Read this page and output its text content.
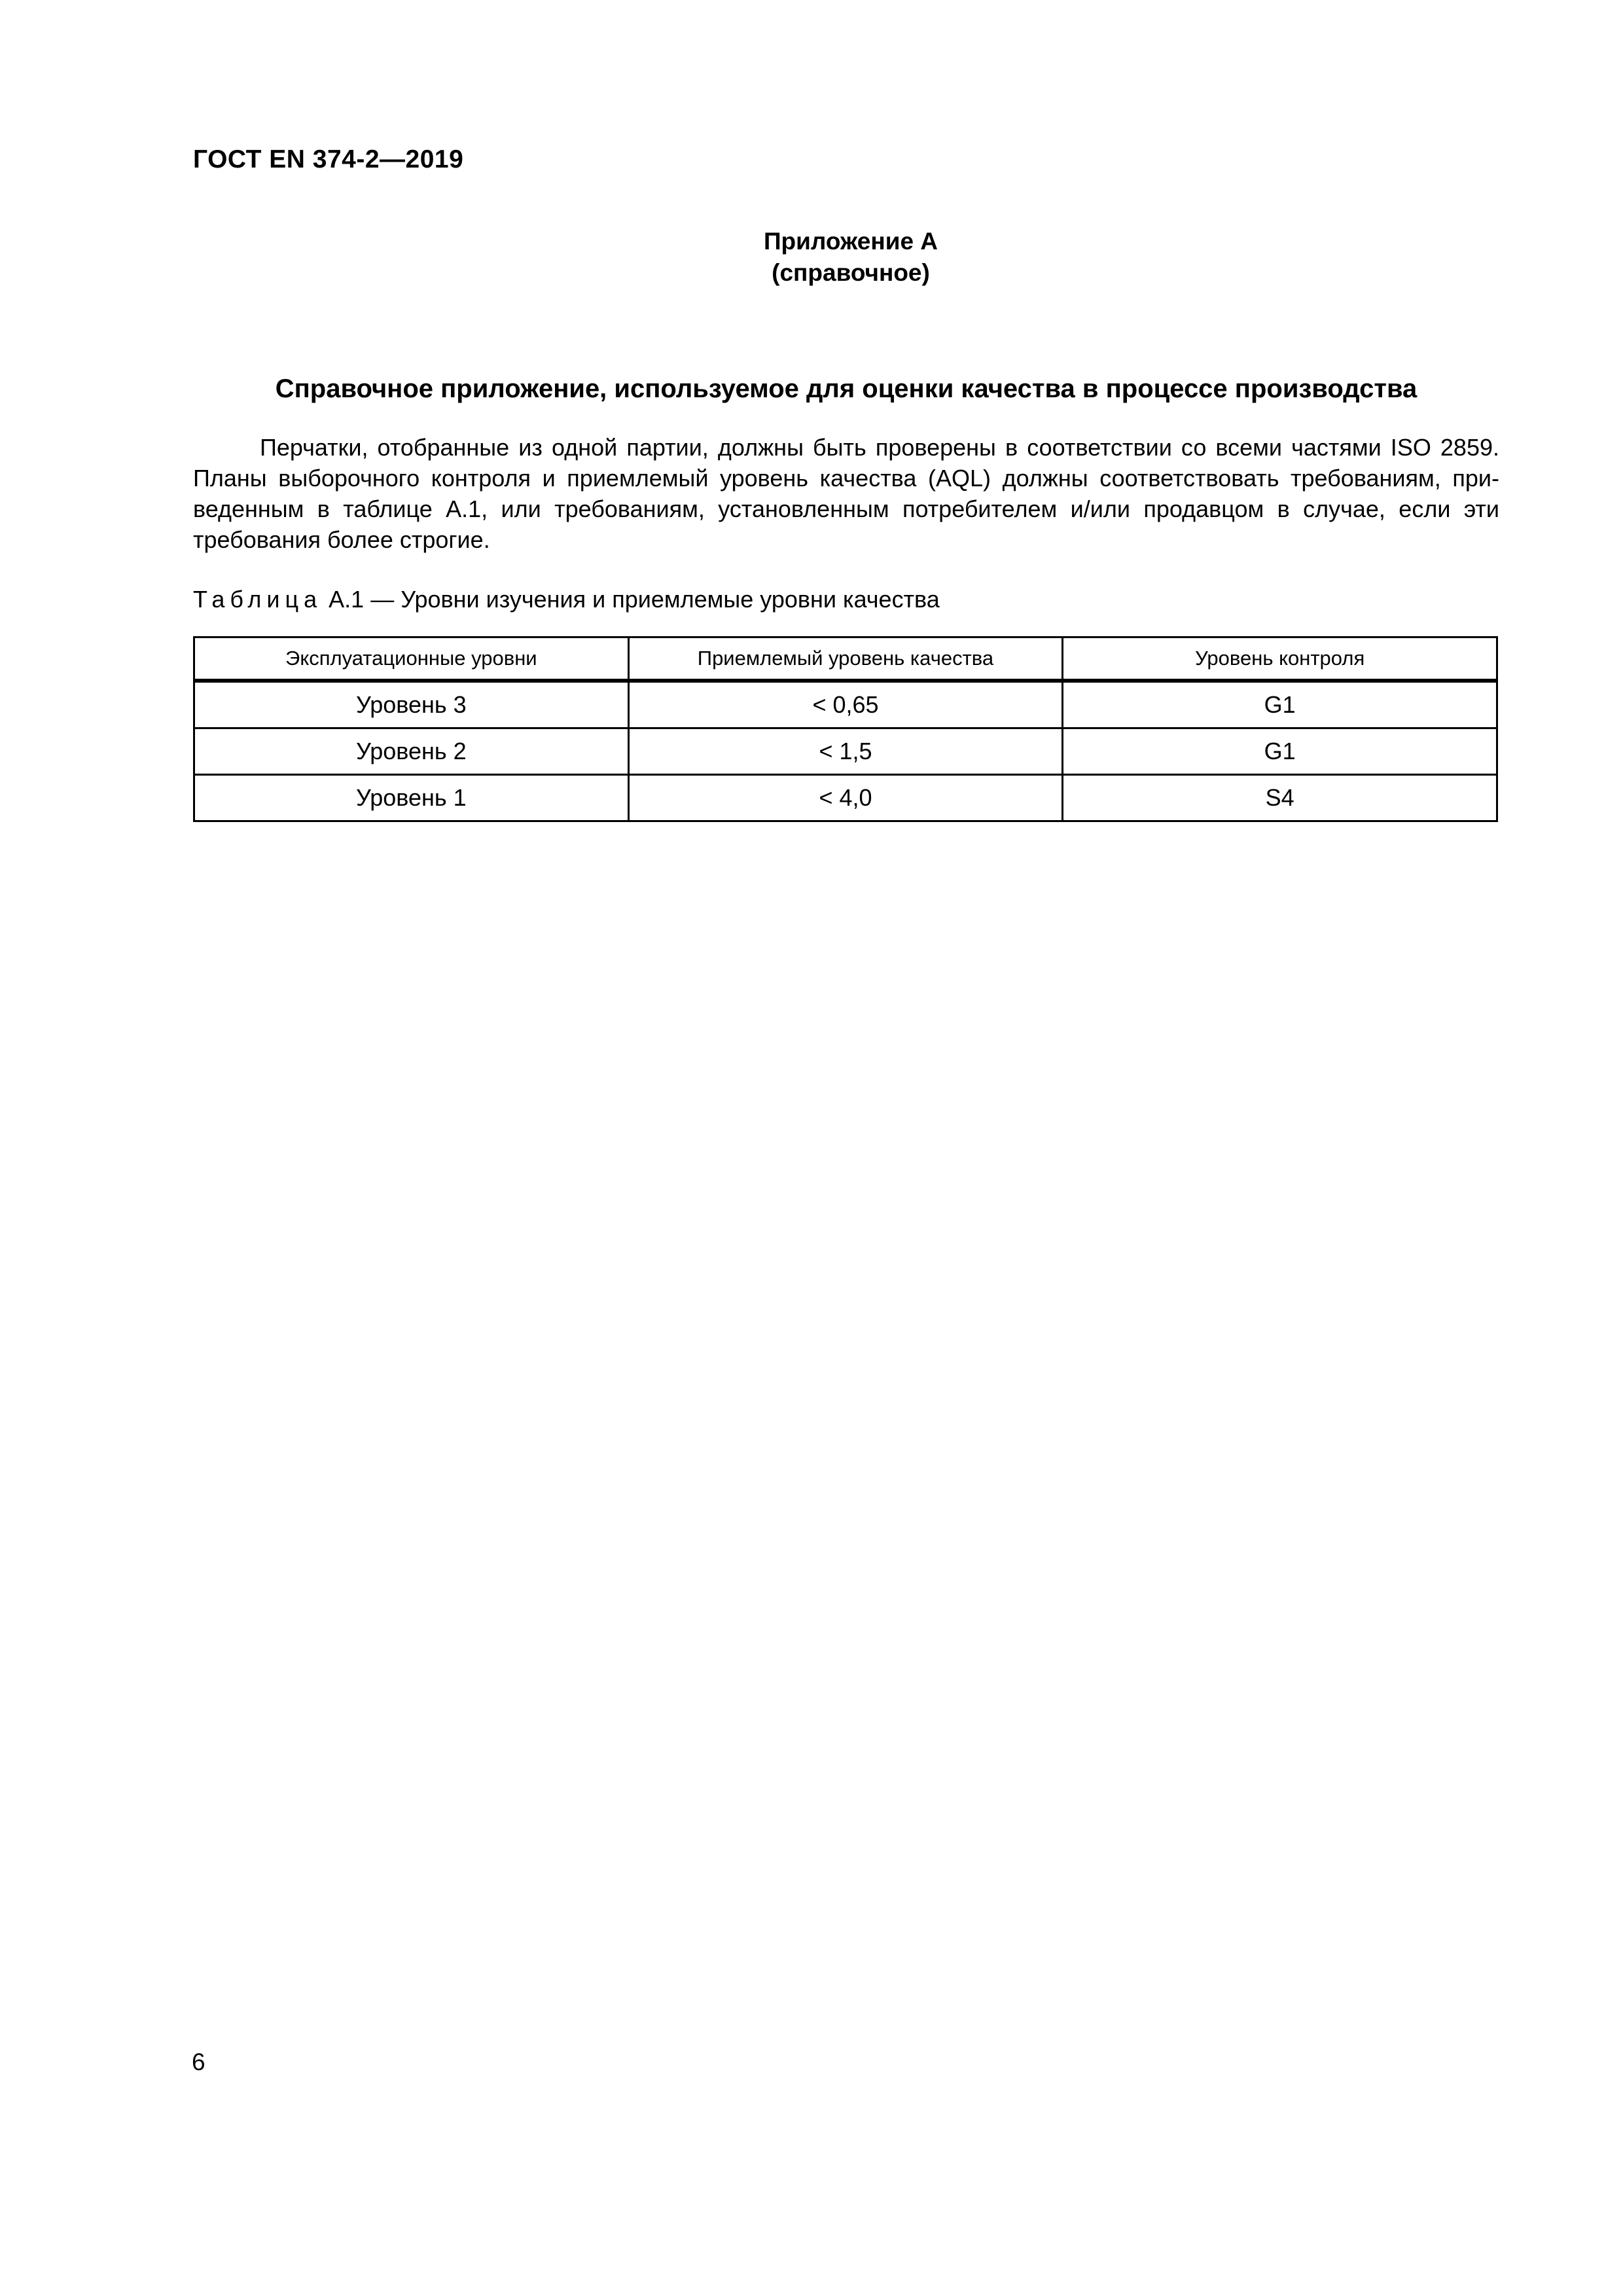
ГОСТ EN 374-2—2019
Приложение А
(справочное)
Справочное приложение, используемое для оценки качества в процессе производства

Перчатки, отобранные из одной партии, должны быть проверены в соответствии со всеми частями ISO 2859. Планы выборочного контроля и приемлемый уровень качества (AQL) должны соответствовать требованиям, приведенным в таблице А.1, или требованиям, установленным потребителем и/или продавцом в случае, если эти требования более строгие.

Таблица А.1 — Уровни изучения и приемлемые уровни качества
Эксплуатационные уровни	Приемлемый уровень качества	Уровень контроля
Уровень 3	< 0,65	G1
Уровень 2	< 1,5	G1
Уровень 1	< 4,0	S4
6
